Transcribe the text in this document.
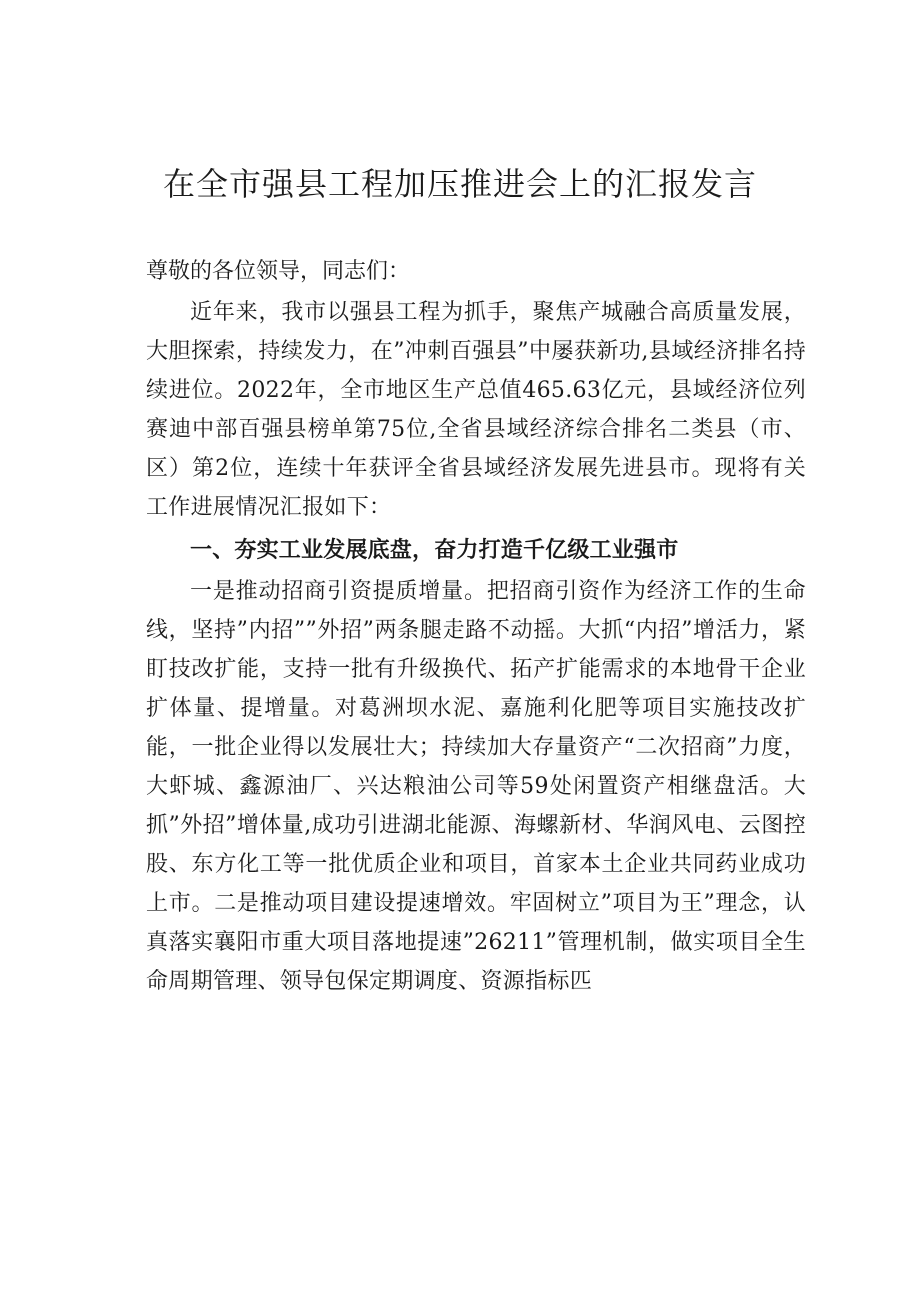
在全市强县工程加压推进会上的汇报发言

尊敬的各位领导，同志们：

近年来，我市以强县工程为抓手，聚焦产城融合高质量发展，大胆探索，持续发力，在”冲刺百强县”中屡获新功,县域经济排名持续进位。2022年，全市地区生产总值465.63亿元，县域经济位列赛迪中部百强县榜单第75位,全省县域经济综合排名二类县（市、区）第2位，连续十年获评全省县域经济发展先进县市。现将有关工作进展情况汇报如下：

一、夯实工业发展底盘，奋力打造千亿级工业强市

一是推动招商引资提质增量。把招商引资作为经济工作的生命线，坚持”内招””外招”两条腿走路不动摇。大抓“内招”增活力，紧盯技改扩能，支持一批有升级换代、拓产扩能需求的本地骨干企业扩体量、提增量。对葛洲坝水泥、嘉施利化肥等项目实施技改扩能，一批企业得以发展壮大；持续加大存量资产“二次招商”力度，大虾城、鑫源油厂、兴达粮油公司等59处闲置资产相继盘活。大抓”外招”增体量,成功引进湖北能源、海螺新材、华润风电、云图控股、东方化工等一批优质企业和项目，首家本土企业共同药业成功上市。二是推动项目建设提速增效。牢固树立”项目为王”理念，认真落实襄阳市重大项目落地提速”26211”管理机制，做实项目全生命周期管理、领导包保定期调度、资源指标匹
